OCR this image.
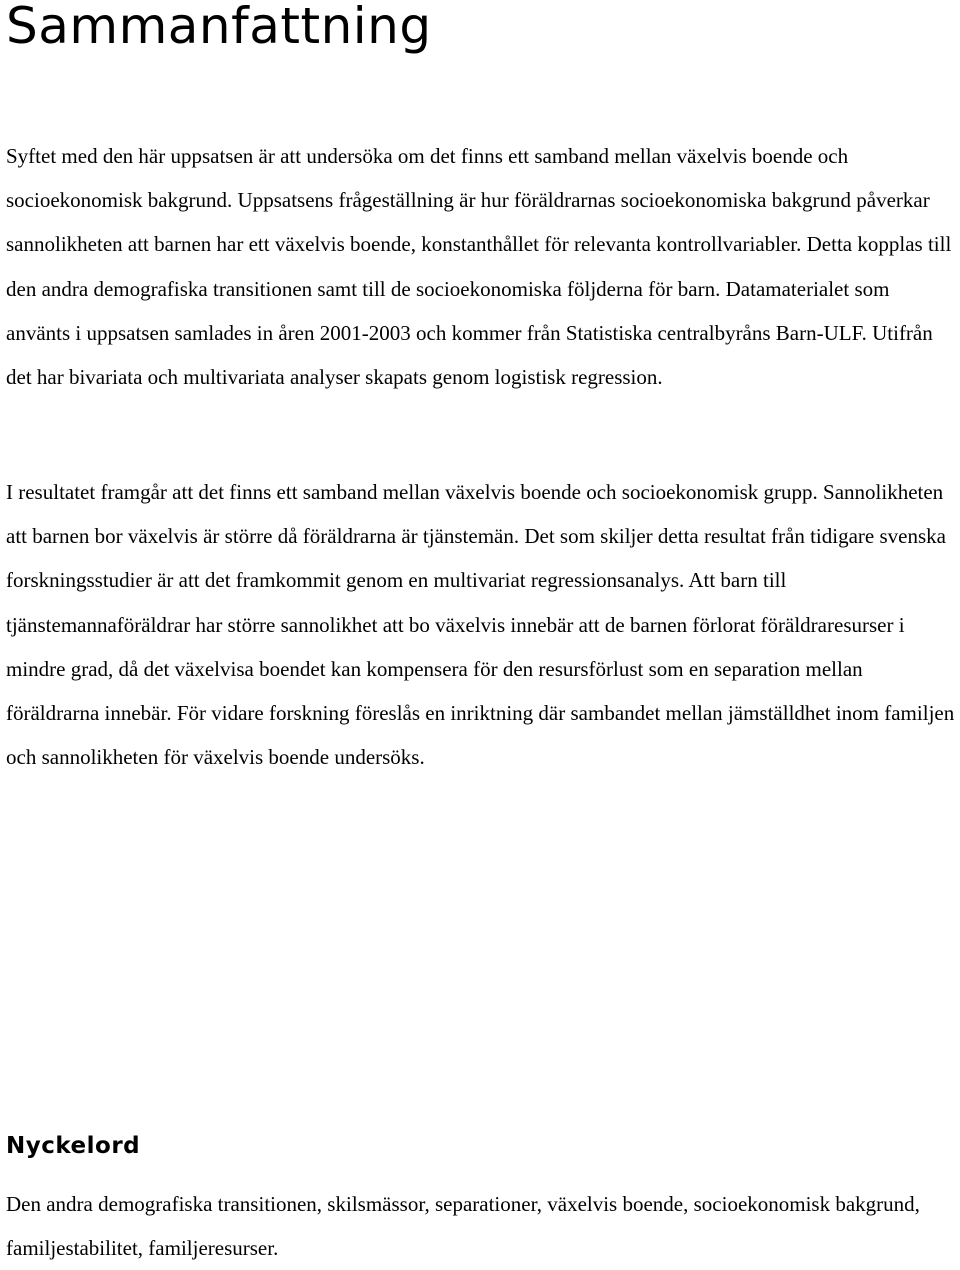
Sammanfattning

Syftet med den här uppsatsen är att undersöka om det finns ett samband mellan växelvis boende och socioekonomisk bakgrund. Uppsatsens frågeställning är hur föräldrarnas socioekonomiska bakgrund påverkar sannolikheten att barnen har ett växelvis boende, konstanthållet för relevanta kontrollvariabler. Detta kopplas till den andra demografiska transitionen samt till de socioekonomiska följderna för barn. Datamaterialet som använts i uppsatsen samlades in åren 2001-2003 och kommer från Statistiska centralbyråns Barn-ULF. Utifrån det har bivariata och multivariata analyser skapats genom logistisk regression.

I resultatet framgår att det finns ett samband mellan växelvis boende och socioekonomisk grupp. Sannolikheten att barnen bor växelvis är större då föräldrarna är tjänstemän. Det som skiljer detta resultat från tidigare svenska forskningsstudier är att det framkommit genom en multivariat regressionsanalys. Att barn till tjänstemannaföräldrar har större sannolikhet att bo växelvis innebär att de barnen förlorat föräldraresurser i mindre grad, då det växelvisa boendet kan kompensera för den resursförlust som en separation mellan föräldrarna innebär. För vidare forskning föreslås en inriktning där sambandet mellan jämställdhet inom familjen och sannolikheten för växelvis boende undersöks.

Nyckelord

Den andra demografiska transitionen, skilsmässor, separationer, växelvis boende, socioekonomisk bakgrund, familjestabilitet, familjeresurser.
